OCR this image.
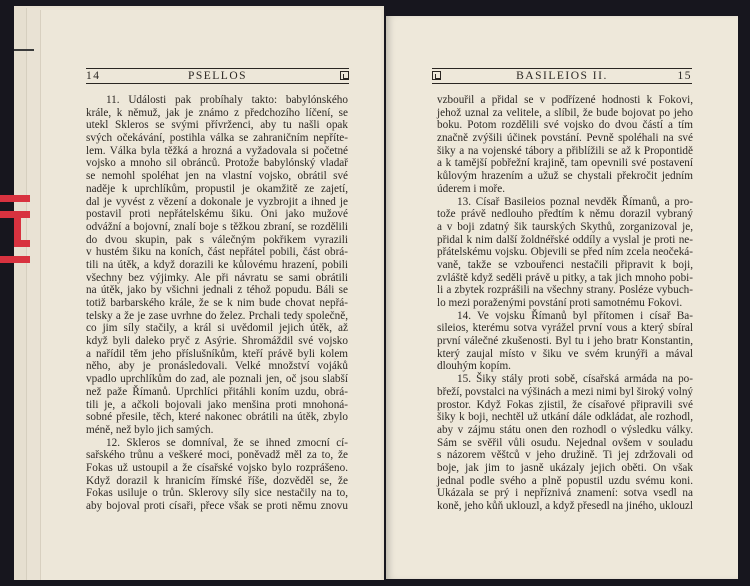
14	PSELLOS
11. Události pak probíhaly takto: babylónského
krále, k němuž, jak je známo z předchozího líčení, se
utekl Skleros se svými přívrženci, aby tu našli opak
svých očekávání, postihla válka se zahraničním nepříte-
lem. Válka byla těžká a hrozná a vyžadovala si početné
vojsko a mnoho sil obránců. Protože babylónský vladař
se nemohl spoléhat jen na vlastní vojsko, obrátil své
naděje k uprchlíkům, propustil je okamžitě ze zajetí,
dal je vyvést z vězení a dokonale je vyzbrojit a ihned je
postavil proti nepřátelskému šiku. Oni jako mužové
odvážní a bojovní, znalí boje s těžkou zbraní, se rozdělili
do dvou skupin, pak s válečným pokřikem vyrazili
v hustém šiku na koních, část nepřátel pobili, část obrá-
tili na útěk, a když dorazili ke kůlovému hrazení, pobili
všechny bez výjimky. Ale při návratu se sami obrátili
na útěk, jako by všichni jednali z téhož popudu. Báli se
totiž barbarského krále, že se k nim bude chovat nepřá-
telsky a že je zase uvrhne do želez. Prchali tedy společně,
co jim síly stačily, a král si uvědomil jejich útěk, až
když byli daleko pryč z Asýrie. Shromáždil své vojsko
a nařídil těm jeho příslušníkům, kteří právě byli kolem
něho, aby je pronásledovali. Velké množství vojáků
vpadlo uprchlíkům do zad, ale poznali jen, oč jsou slabší
než paže Římanů. Uprchlíci přitáhli koním uzdu, obrá-
tili je, a ačkoli bojovali jako menšina proti mnohoná-
sobné přesile, těch, které nakonec obrátili na útěk, zbylo
méně, než bylo jich samých.
12. Skleros se domníval, že se ihned zmocní cí-
sařského trůnu a veškeré moci, poněvadž měl za to, že
Fokas už ustoupil a že císařské vojsko bylo rozprášeno.
Když dorazil k hranicím římské říše, dozvěděl se, že
Fokas usiluje o trůn. Sklerovy síly sice nestačily na to,
aby bojoval proti císaři, přece však se proti němu znovu
BASILEIOS II.	15
vzbouřil a přidal se v podřízené hodnosti k Fokovi,
jehož uznal za velitele, a slíbil, že bude bojovat po jeho
boku. Potom rozdělili své vojsko do dvou částí a tím
značně zvýšili účinek povstání. Pevně spoléhali na své
šiky a na vojenské tábory a přiblížili se až k Propontidě
a k tamější pobřežní krajině, tam opevnili své postavení
kůlovým hrazením a užuž se chystali překročit jedním
úderem i moře.
13. Císař Basileios poznal nevděk Římanů, a pro-
tože právě nedlouho předtím k němu dorazil vybraný
a v boji zdatný šik taurských Skythů, zorganizoval je,
přidal k nim další žoldnéřské oddíly a vyslal je proti ne-
přátelskému vojsku. Objevili se před ním zcela neočeká-
vaně, takže se vzbouřenci nestačili připravit k boji,
zvláště když seděli právě u pitky, a tak jich mnoho pobi-
li a zbytek rozprášili na všechny strany. Posléze vybuch-
lo mezi poraženými povstání proti samotnému Fokovi.
14. Ve vojsku Římanů byl přítomen i císař Ba-
sileios, kterému sotva vyrážel první vous a který sbíral
první válečné zkušenosti. Byl tu i jeho bratr Konstantin,
který zaujal místo v šiku ve svém krunýři a mával
dlouhým kopím.
15. Šiky stály proti sobě, císařská armáda na po-
břeží, povstalci na výšinách a mezi nimi byl široký volný
prostor. Když Fokas zjistil, že císařové připravili své
šiky k boji, nechtěl už utkání dále odkládat, ale rozhodl,
aby v zájmu státu onen den rozhodl o výsledku války.
Sám se svěřil vůli osudu. Nejednal ovšem v souladu
s názorem věštců v jeho družině. Ti jej zdržovali od
boje, jak jim to jasně ukázaly jejich oběti. On však
jednal podle svého a plně popustil uzdu svému koni.
Ukázala se prý i nepříznivá znamení: sotva vsedl na
koně, jeho kůň uklouzl, a když přesedl na jiného, uklouzl
